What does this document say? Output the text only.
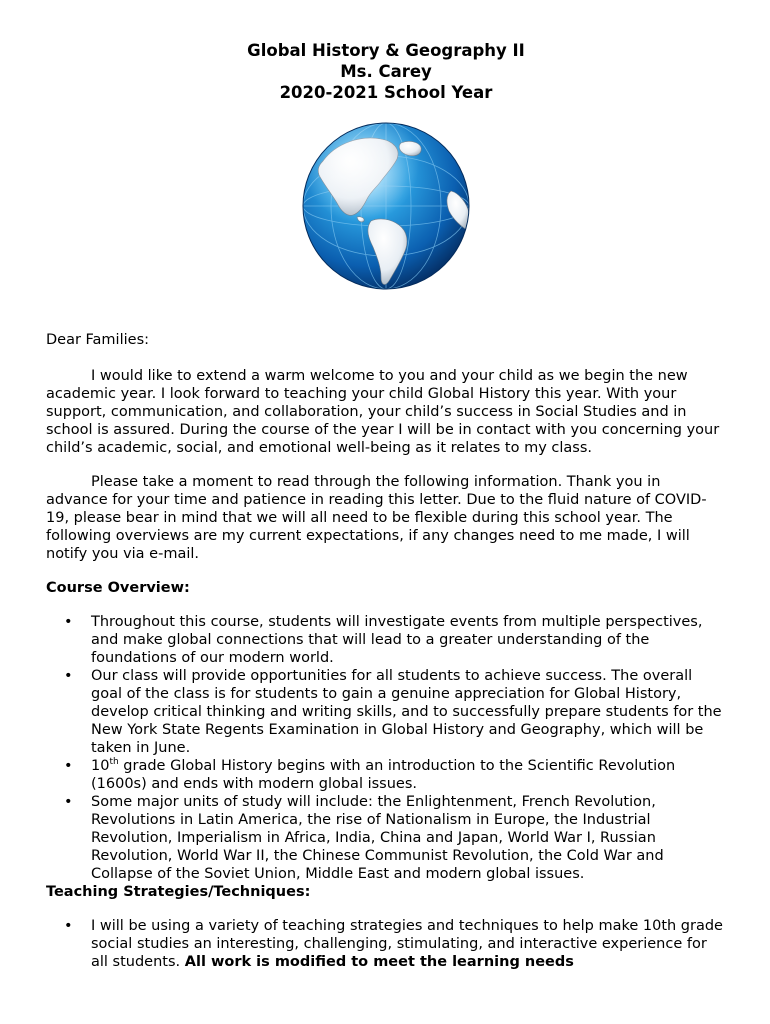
Global History & Geography II
Ms. Carey
2020-2021 School Year
Dear Families:

I would like to extend a warm welcome to you and your child as we begin the new academic year. I look forward to teaching your child Global History this year. With your support, communication, and collaboration, your child’s success in Social Studies and in school is assured. During the course of the year I will be in contact with you concerning your child’s academic, social, and emotional well-being as it relates to my class.

Please take a moment to read through the following information. Thank you in advance for your time and patience in reading this letter. Due to the fluid nature of COVID-19, please bear in mind that we will all need to be flexible during this school year. The following overviews are my current expectations, if any changes need to me made, I will notify you via e-mail.

Course Overview:
• Throughout this course, students will investigate events from multiple perspectives, and make global connections that will lead to a greater understanding of the foundations of our modern world.
• Our class will provide opportunities for all students to achieve success. The overall goal of the class is for students to gain a genuine appreciation for Global History, develop critical thinking and writing skills, and to successfully prepare students for the New York State Regents Examination in Global History and Geography, which will be taken in June.
• 10th grade Global History begins with an introduction to the Scientific Revolution (1600s) and ends with modern global issues.
• Some major units of study will include: the Enlightenment, French Revolution, Revolutions in Latin America, the rise of Nationalism in Europe, the Industrial Revolution, Imperialism in Africa, India, China and Japan, World War I, Russian Revolution, World War II, the Chinese Communist Revolution, the Cold War and Collapse of the Soviet Union, Middle East and modern global issues.
Teaching Strategies/Techniques:
• I will be using a variety of teaching strategies and techniques to help make 10th grade social studies an interesting, challenging, stimulating, and interactive experience for all students. All work is modified to meet the learning needs
